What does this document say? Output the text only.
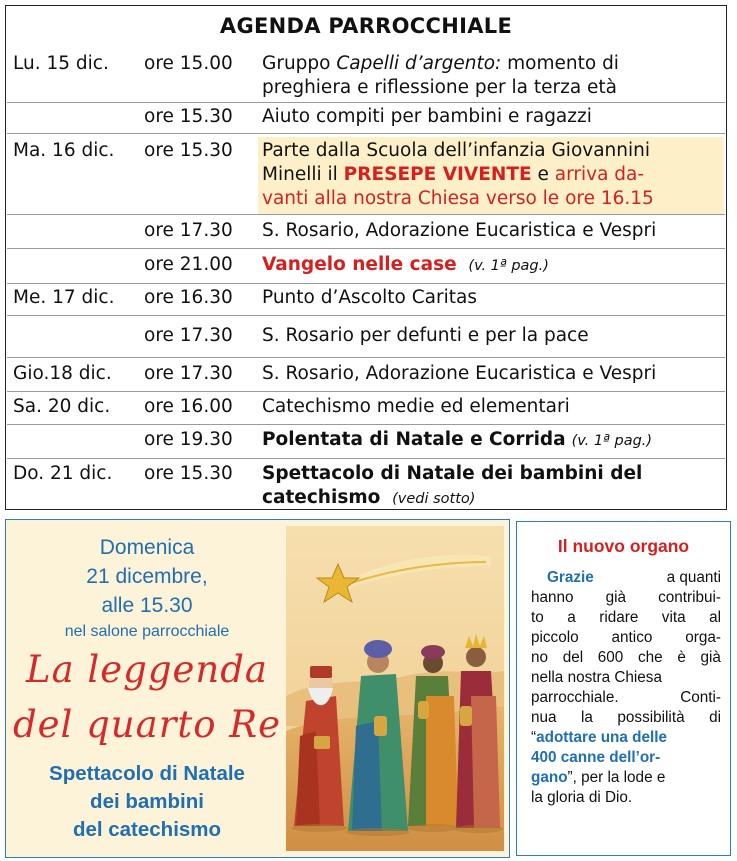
AGENDA PARROCCHIALE
Lu. 15 dic. ore 15.00 Gruppo Capelli d’argento: momento di
preghiera e riflessione per la terza età
ore 15.30 Aiuto compiti per bambini e ragazzi
Ma. 16 dic. ore 15.30 Parte dalla Scuola dell’infanzia Giovannini
Minelli il PRESEPE VIVENTE e arriva da-
vanti alla nostra Chiesa verso le ore 16.15
ore 17.30 S. Rosario, Adorazione Eucaristica e Vespri
ore 21.00 Vangelo nelle case (v. 1ª pag.)
Me. 17 dic. ore 16.30 Punto d’Ascolto Caritas
ore 17.30 S. Rosario per defunti e per la pace
Gio.18 dic. ore 17.30 S. Rosario, Adorazione Eucaristica e Vespri
Sa. 20 dic. ore 16.00 Catechismo medie ed elementari
ore 19.30 Polentata di Natale e Corrida (v. 1ª pag.)
Do. 21 dic. ore 15.30 Spettacolo di Natale dei bambini del
catechismo (vedi sotto)
Domenica
21 dicembre,
alle 15.30
nel salone parrocchiale
La leggenda
del quarto Re
Spettacolo di Natale
dei bambini
del catechismo
Il nuovo organo
Grazie	a quanti
hanno già contribui-
to a ridare vita al
piccolo antico orga-
no del 600 che è già
nella nostra Chiesa
parrocchiale.	Conti-
nua la possibilità di
“adottare una delle
400 canne dell’or-
gano”, per la lode e
la gloria di Dio.
